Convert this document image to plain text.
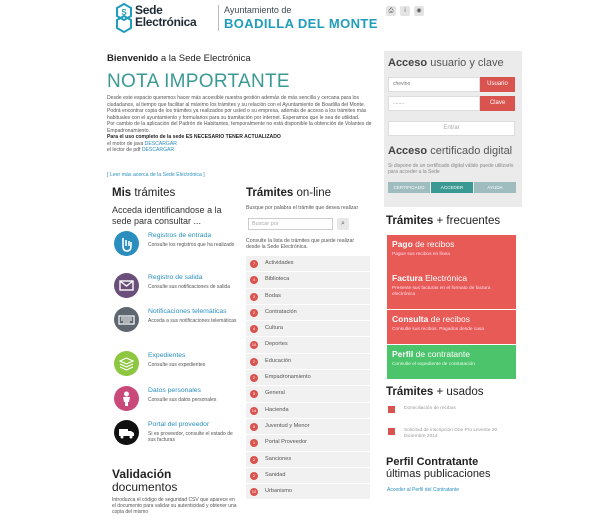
S Sede
Electrónica
Ayuntamiento de
BOADILLA DEL MONTE
⎙	i	◉
Bienvenido a la Sede Electrónica
NOTA IMPORTANTE
Desde este espacio queremos hacer más accesible nuestra gestión además de más sencilla y cercana para los ciudadanos, al tiempo que facilitar al máximo los trámites y su relación con el Ayuntamiento de Boadilla del Monte. Podrá encontrar copia de los trámites ya realizados por usted o su empresa, además de acceso a los trámites más habituales con el ayuntamiento y formularios para su tramitación por internet. Esperamos que le sea de utilidad.
Por cambio de la aplicación del Padrón de Habitantes, temporalmente no está disponible la obtención de Volantes de Empadronamiento.
Para el uso completo de la sede ES NECESARIO TENER ACTUALIZADO
el motor de java DESCARGAR
el lector de pdf DESCARGAR
[ Leer más acerca de la Sede Electrónica ]
Mis trámites
Acceda identificandose a la sede para consultar ...
Registros de entrada
Consulte los registros que ha realizado
Registro de salida
Consulte sus notificaciones de salida
Notificaciones telemáticas
Acceda a sus notificaciones telemáticas
Expedientes
Consulte sus expedientes
Datos personales
Consulte sus datos personales
Portal del proveedor
Si es proveedor, consulte el estado de sus facturas
Validación
documentos
Introduzca el código de seguridad CSV que aparece en el documento para validar su autenticidad y obtener una copia del mismo
Trámites on-line
Busque por palabra el trámite que desea realizar
Buscar por	⌕
Consulte la lista de trámites que puede realizar desde la Sede Electrónica.
7	Actividades
4	Biblioteca
3	Bodas
2	Contratación
4	Cultura
10	Deportes
2	Educación
2	Empadronamiento
3	General
14	Hacienda
5	Juventud y Menor
1	Portal Proveedor
2	Sanciones
2	Sanidad
10	Urbanismo
Acceso usuario y clave
chevino	Usuario
........	Clave
Entrar
Acceso certificado digital
Si dispone de un certificado digital válido puede utilizarlo para acceder a la Sede
CERTIFICADO	ACCEDER	AYUDA
Trámites + frecuentes
Pago de recibos
Pague sus recibos en línea
Factura Electrónica
Presente sus facturas en el formato de factura electrónica
Consulta de recibos
Consulte sus recibos. Pagados desde casa
Perfil de contratante
Consulte el expediente de contratación
Trámites + usados
Domiciliación de recibos
Solicitud de inscripción One Pro Levente 20 Diciembre 2014
Perfil Contratante
últimas publicaciones
Acceder al Perfil del Contratante
